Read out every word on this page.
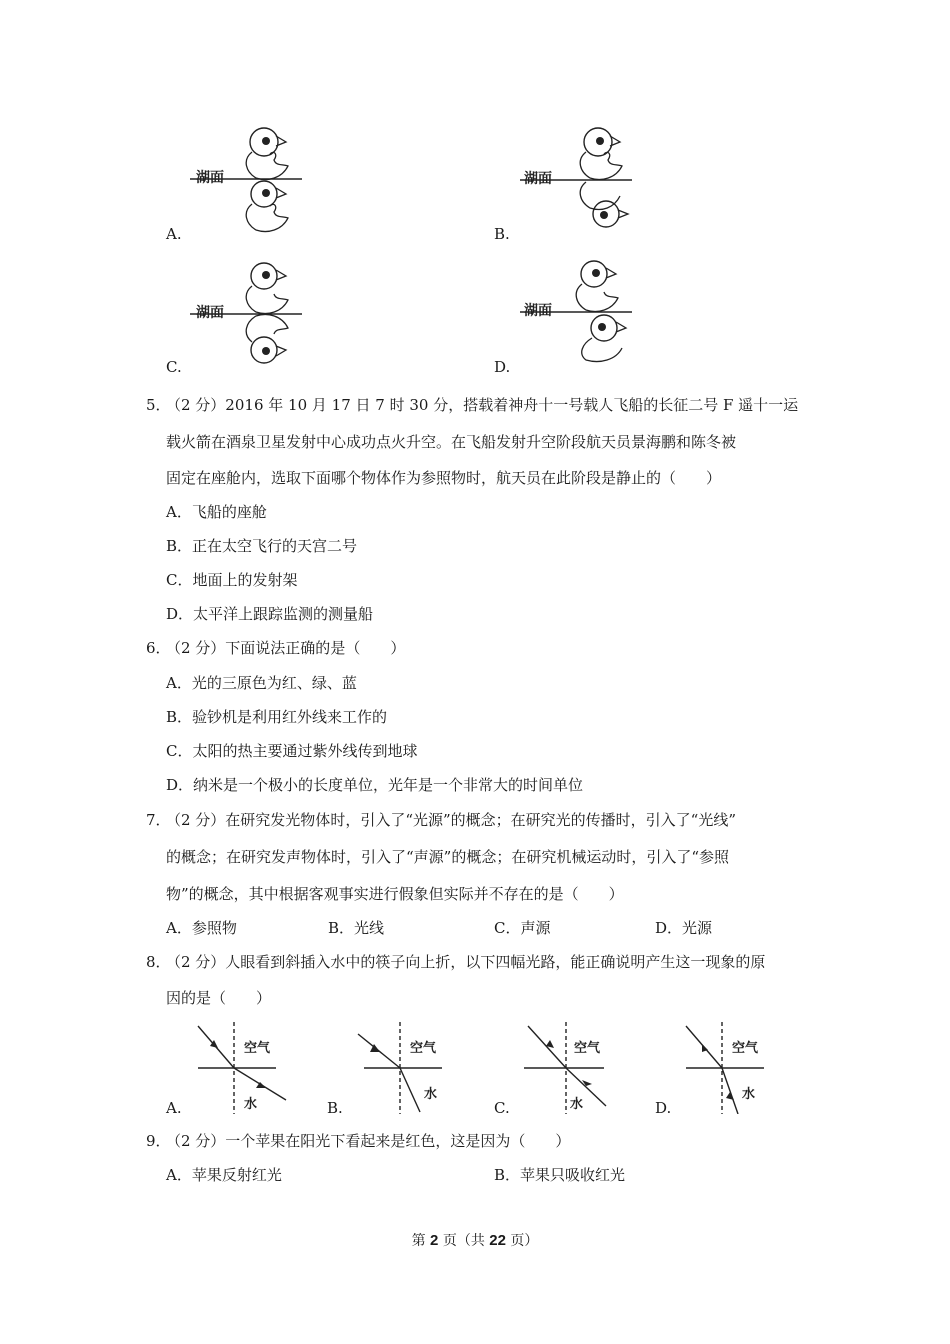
湖面
A.
湖面
B.
湖面
C.
湖面
D.
5．
（2 分）2016 年 10 月 17 日 7 时 30 分，搭载着神舟十一号载人飞船的长征二号 F 遥十一运
载火箭在酒泉卫星发射中心成功点火升空。在飞船发射升空阶段航天员景海鹏和陈冬被
固定在座舱内，选取下面哪个物体作为参照物时，航天员在此阶段是静止的（　　）
A．飞船的座舱
B．正在太空飞行的天宫二号
C．地面上的发射架
D．太平洋上跟踪监测的测量船
6．
（2 分）下面说法正确的是（　　）
A．光的三原色为红、绿、蓝
B．验钞机是利用红外线来工作的
C．太阳的热主要通过紫外线传到地球
D．纳米是一个极小的长度单位，光年是一个非常大的时间单位
7．
（2 分）在研究发光物体时，引入了“光源”的概念；在研究光的传播时，引入了“光线”
的概念；在研究发声物体时，引入了“声源”的概念；在研究机械运动时，引入了“参照
物”的概念，其中根据客观事实进行假象但实际并不存在的是（　　）
A．参照物	B．光线	C．声源	D．光源
8．
（2 分）人眼看到斜插入水中的筷子向上折，以下四幅光路，能正确说明产生这一现象的原
因的是（　　）
空气
水
A.
空气
水
B.
空气
水
C.
空气
水
D.
9．
（2 分）一个苹果在阳光下看起来是红色，这是因为（　　）
A．苹果反射红光	B．苹果只吸收红光
第 2 页（共 22 页）
